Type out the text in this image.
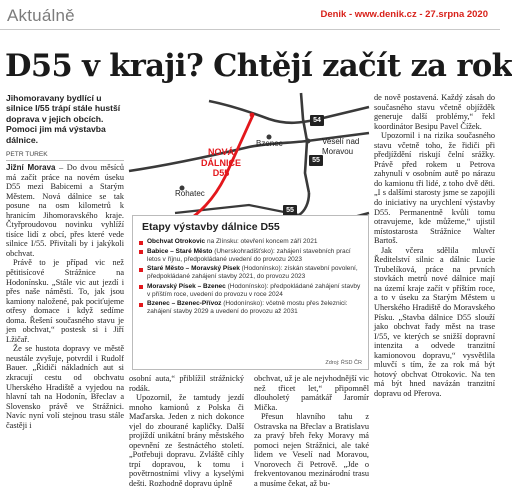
Aktuálně	Denik - www.denik.cz - 27.srpna 2020
D55 v kraji? Chtějí začít za rok
Jihomoravany bydlící u silnice I/55 trápí stále hustší doprava v jejich obcích. Pomoci jim má výstavba dálnice.
PETR TUREK

Jižní Morava – Do dvou měsíců má začít práce na novém úseku D55 mezi Babicemi a Starým Městem. Nová dálnice se tak posune na osm kilometrů k hranicím Jihomoravského kraje. Čtyřproudovou novinku vyhlíží tisíce lidí z obcí, přes které vede silnice I/55. Přivítali by i jakýkoli obchvat.

Právě to je případ vic než pětitisícové Strážnice na Hodonínsku. „Stále vic aut jezdí i přes naše náměstí. To, jak jsou kamiony naložené, pak pociťujeme otřesy domace i když sedíme doma. Řešení současného stavu je jen obchvat,“ postesk si i Jiří Lžičař.

Že se hustota dopravy ve městě neustále zvyšuje, potvrdil i Rudolf Bauer. „Řidiči nákladních aut si zkracují cestu od obchvatu Uherského Hradiště a vyjedou na hlavní tah na Hodonín, Břeclav a Slovensko právě ve Strážnici. Navíc nyní volí stejnou trasu stále častěji i

Bzenec	Veselí nad Moravou
Rohatec
54
55
55
NOVÁ DÁLNICE D55
Etapy výstavby dálnice D55
Obchvat Otrokovic na Zlínsku: otevření koncem září 2021
Babice – Staré Město (Uherskohradišťsko): zahájení stavebních prací letos v říjnu, předpokládané uvedení do provozu 2023
Staré Město – Moravský Písek (Hodonínsko): získán stavební povolení, předpokládané zahájení stavby 2021, do provozu 2023
Moravský Písek – Bzenec (Hodonínsko): předpokládané zahájení stavby v příštím roce, uvedení do provozu v roce 2024
Bzenec – Bzenec-Přívoz (Hodonínsko): včetně mostu přes železnici: zahájení stavby 2029 a uvedení do provozu až 2031
Zdroj: ŘSD ČR

osobní auta,“ přiblížil strážnický rodák.

Upozornil, že tamtudy jezdí mnoho kamionů z Polska či Maďarska. Jeden z nich dokonce vjel do zbourané kapličky. Další projíždí unikátní brány městského opevnění ze šestnáctého století. „Potřebuji dopravu. Zvláště cíhly trpí dopravou, k tomu i povětrnostními vlivy a kyselými dešti. Rozhodně dopravu úplně

obchvat, už je ale nejvhodnější vic než třicet let,“ připomněl dlouholetý památkář Jaromír Mička.

Přesun hlavního tahu z Ostravska na Břeclav a Bratislavu za pravý břeh řeky Moravy má pomoci nejen Strážnici, ale také lidem ve Veselí nad Moravou, Vnorovech či Petrově. „Jde o frekventovanou mezinárodní trasu a musíme čekat, až bu-

de nově postavená. Každý zásah do současného stavu včetně objížděk generuje další problémy,“ řekl koordinátor Besipu Pavel Čížek.

Upozornil i na rizika současného stavu včetně toho, že řidiči při předjíždění riskují čelní srážky. Právě před rokem u Petrova zahynuli v osobním autě po nárazu do kamionu tři lidé, z toho dvě děti. „I s dalšími starosty jsme se zapojili do iniciativy na urychlení výstavby D55. Permanentně kvůli tomu otravujeme, kde můžeme,“ ujistil místostarosta Strážnice Walter Bartoš.

Jak včera sdělila mluvčí Ředitelství silnic a dálnic Lucie Trubelíková, práce na prvních stovkách metrů nové dálnice mají na území kraje začít v příštím roce, a to v úseku za Starým Městem u Uherského Hradiště do Moravského Písku. „Stavba dálnice D55 slouží jako obchvat řady měst na trase I/55, ve kterých se snižší dopravní intenzita a odvede tranzitní kamionovou dopravu,“ vysvětlila mluvčí s tím, že za rok má být hotový obchvat Otrokovic. Na ten má být hned navázán tranzitní dopravu od Přerova.
